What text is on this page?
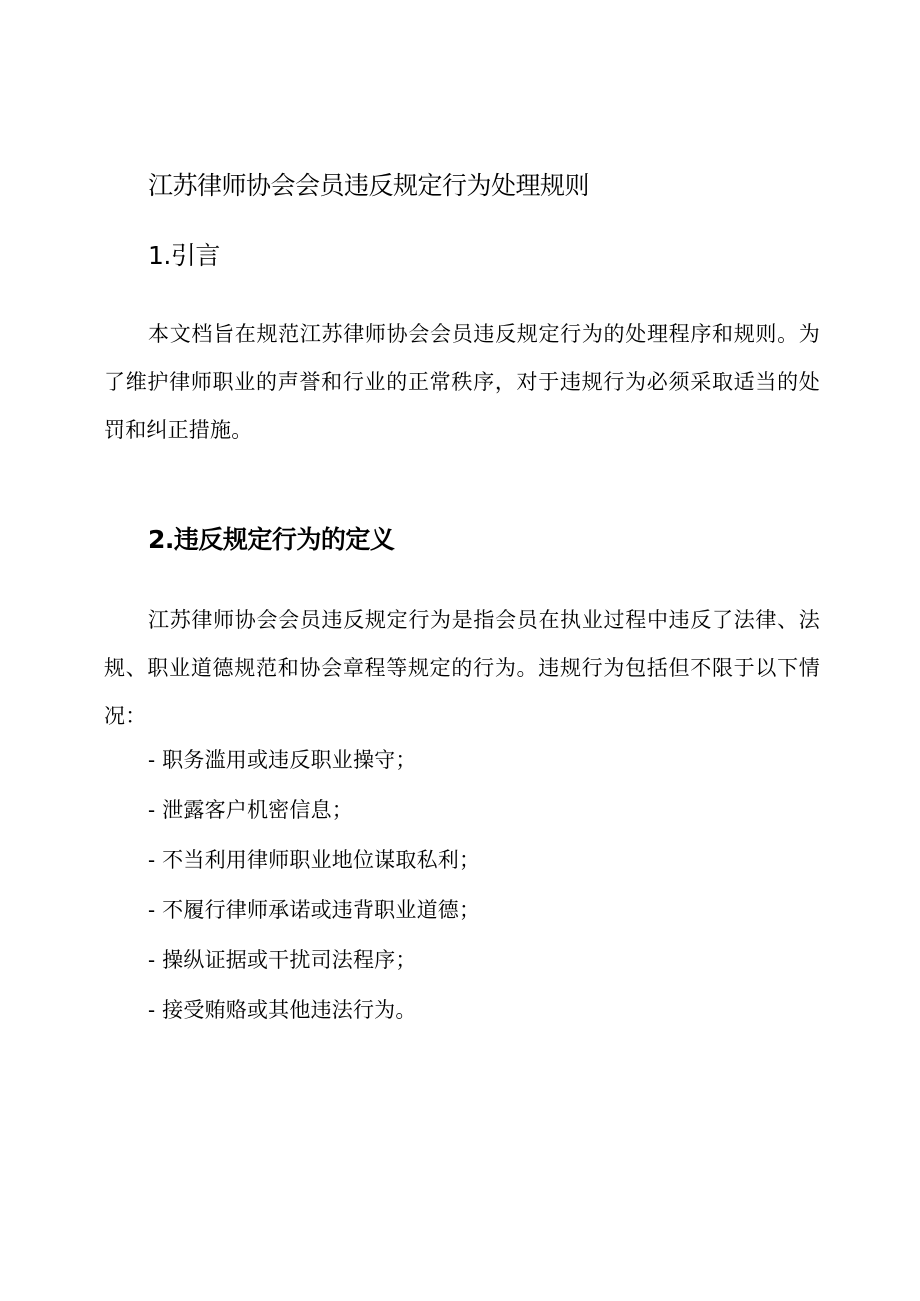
江苏律师协会会员违反规定行为处理规则
1.引言

本文档旨在规范江苏律师协会会员违反规定行为的处理程序和规则。为了维护律师职业的声誉和行业的正常秩序，对于违规行为必须采取适当的处罚和纠正措施。

2.违反规定行为的定义

江苏律师协会会员违反规定行为是指会员在执业过程中违反了法律、法规、职业道德规范和协会章程等规定的行为。违规行为包括但不限于以下情况：

- 职务滥用或违反职业操守；
- 泄露客户机密信息；
- 不当利用律师职业地位谋取私利；
- 不履行律师承诺或违背职业道德；
- 操纵证据或干扰司法程序；
- 接受贿赂或其他违法行为。
